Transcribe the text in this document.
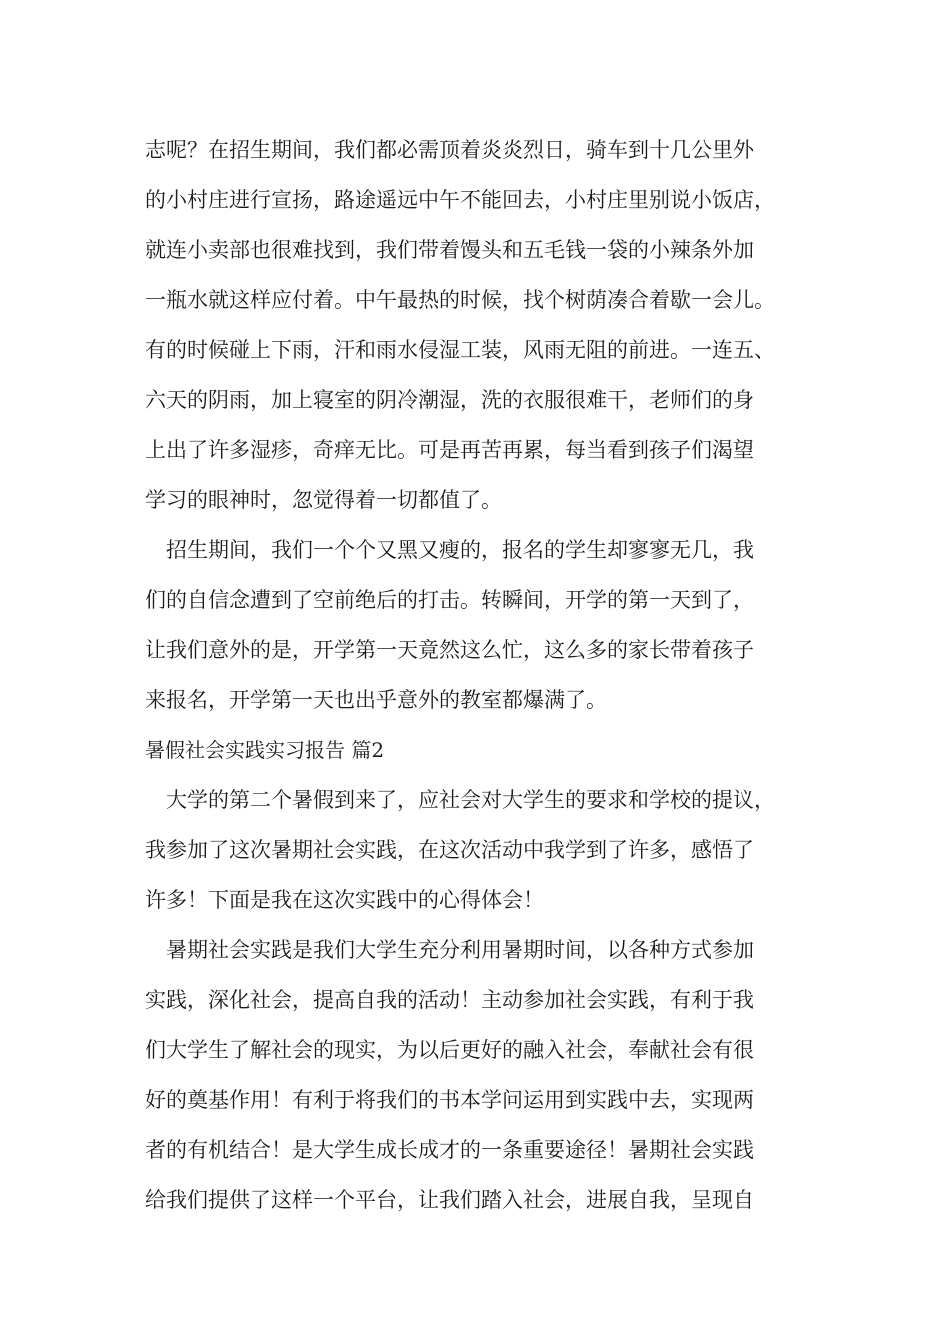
志呢？在招生期间，我们都必需顶着炎炎烈日，骑车到十几公里外
的小村庄进行宣扬，路途遥远中午不能回去，小村庄里别说小饭店，
就连小卖部也很难找到，我们带着馒头和五毛钱一袋的小辣条外加
一瓶水就这样应付着。中午最热的时候，找个树荫凑合着歇一会儿。
有的时候碰上下雨，汗和雨水侵湿工装，风雨无阻的前进。一连五、
六天的阴雨，加上寝室的阴冷潮湿，洗的衣服很难干，老师们的身
上出了许多湿疹，奇痒无比。可是再苦再累，每当看到孩子们渴望
学习的眼神时，忽觉得着一切都值了。
　招生期间，我们一个个又黑又瘦的，报名的学生却寥寥无几，我
们的自信念遭到了空前绝后的打击。转瞬间，开学的第一天到了，
让我们意外的是，开学第一天竟然这么忙，这么多的家长带着孩子
来报名，开学第一天也出乎意外的教室都爆满了。
暑假社会实践实习报告 篇2
　大学的第二个暑假到来了，应社会对大学生的要求和学校的提议，
我参加了这次暑期社会实践，在这次活动中我学到了许多，感悟了
许多！下面是我在这次实践中的心得体会！
　暑期社会实践是我们大学生充分利用暑期时间，以各种方式参加
实践，深化社会，提高自我的活动！主动参加社会实践，有利于我
们大学生了解社会的现实，为以后更好的融入社会，奉献社会有很
好的奠基作用！有利于将我们的书本学问运用到实践中去，实现两
者的有机结合！是大学生成长成才的一条重要途径！暑期社会实践
给我们提供了这样一个平台，让我们踏入社会，进展自我，呈现自
